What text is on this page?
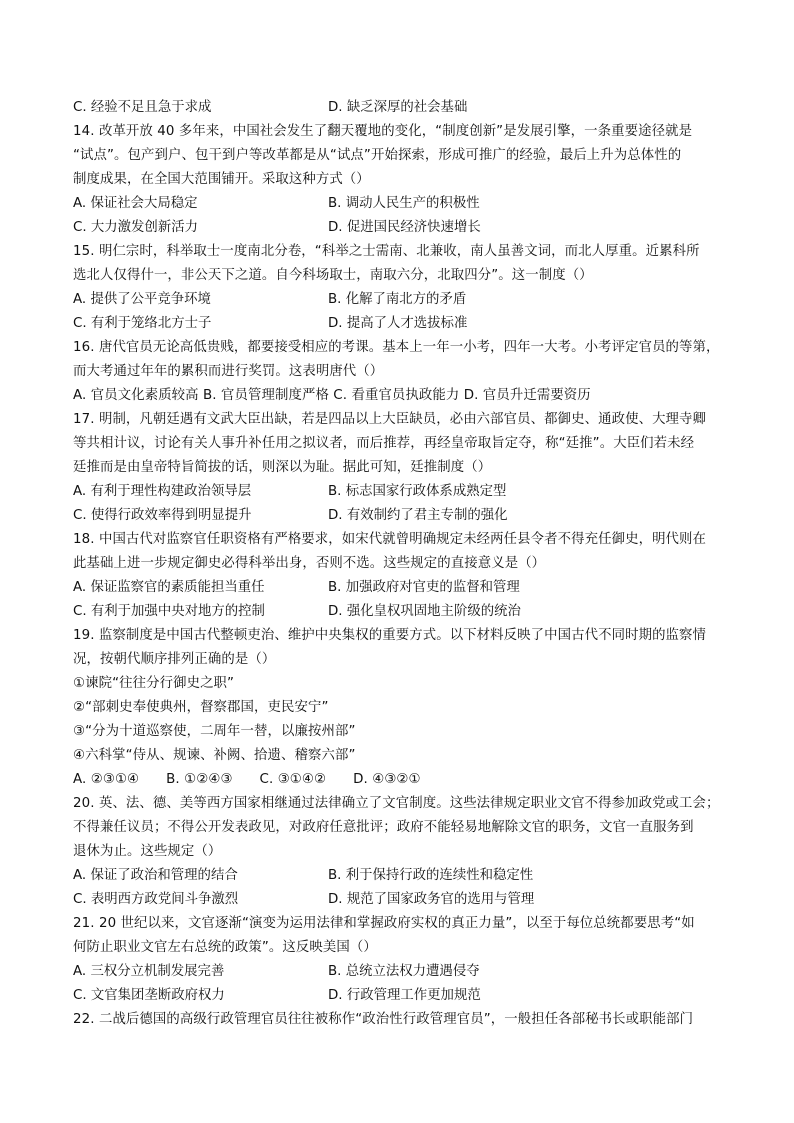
C. 经验不足且急于求成	D. 缺乏深厚的社会基础
14. 改革开放 40 多年来，中国社会发生了翻天覆地的变化，“制度创新”是发展引擎，一条重要途径就是
“试点”。包产到户、包干到户等改革都是从“试点”开始探索，形成可推广的经验，最后上升为总体性的
制度成果，在全国大范围铺开。采取这种方式（）
A. 保证社会大局稳定	B. 调动人民生产的积极性
C. 大力激发创新活力	D. 促进国民经济快速增长
15. 明仁宗时，科举取士一度南北分卷，“科举之士需南、北兼收，南人虽善文词，而北人厚重。近累科所
选北人仅得什一，非公天下之道。自今科场取士，南取六分，北取四分”。这一制度（）
A. 提供了公平竞争环境	B. 化解了南北方的矛盾
C. 有利于笼络北方士子	D. 提高了人才选拔标准
16. 唐代官员无论高低贵贱，都要接受相应的考课。基本上一年一小考，四年一大考。小考评定官员的等第，
而大考通过年年的累积而进行奖罚。这表明唐代（）
A. 官员文化素质较高 B. 官员管理制度严格 C. 看重官员执政能力 D. 官员升迁需要资历
17. 明制，凡朝廷遇有文武大臣出缺，若是四品以上大臣缺员，必由六部官员、都御史、通政使、大理寺卿
等共相计议，讨论有关人事升补任用之拟议者，而后推荐，再经皇帝取旨定夺，称“廷推”。大臣们若未经
廷推而是由皇帝特旨简拔的话，则深以为耻。据此可知，廷推制度（）
A. 有利于理性构建政治领导层	B. 标志国家行政体系成熟定型
C. 使得行政效率得到明显提升	D. 有效制约了君主专制的强化
18. 中国古代对监察官任职资格有严格要求，如宋代就曾明确规定未经两任县令者不得充任御史，明代则在
此基础上进一步规定御史必得科举出身，否则不选。这些规定的直接意义是（）
A. 保证监察官的素质能担当重任	B. 加强政府对官吏的监督和管理
C. 有利于加强中央对地方的控制	D. 强化皇权巩固地主阶级的统治
19. 监察制度是中国古代整顿吏治、维护中央集权的重要方式。以下材料反映了中国古代不同时期的监察情
况，按朝代顺序排列正确的是（）
①谏院“往往分行御史之职”
②“部刺史奉使典州，督察郡国，吏民安宁”
③“分为十道巡察使，二周年一替，以廉按州部”
④六科掌“侍从、规谏、补阙、拾遗、稽察六部”
A. ②③①④　　B. ①②④③　　C. ③①④②　　D. ④③②①
20. 英、法、德、美等西方国家相继通过法律确立了文官制度。这些法律规定职业文官不得参加政党或工会；
不得兼任议员；不得公开发表政见，对政府任意批评；政府不能轻易地解除文官的职务，文官一直服务到
退休为止。这些规定（）
A. 保证了政治和管理的结合	B. 利于保持行政的连续性和稳定性
C. 表明西方政党间斗争激烈	D. 规范了国家政务官的选用与管理
21. 20 世纪以来，文官逐渐“演变为运用法律和掌握政府实权的真正力量”，以至于每位总统都要思考“如
何防止职业文官左右总统的政策”。这反映美国（）
A. 三权分立机制发展完善	B. 总统立法权力遭遇侵夺
C. 文官集团垄断政府权力	D. 行政管理工作更加规范
22. 二战后德国的高级行政管理官员往往被称作“政治性行政管理官员”，一般担任各部秘书长或职能部门
